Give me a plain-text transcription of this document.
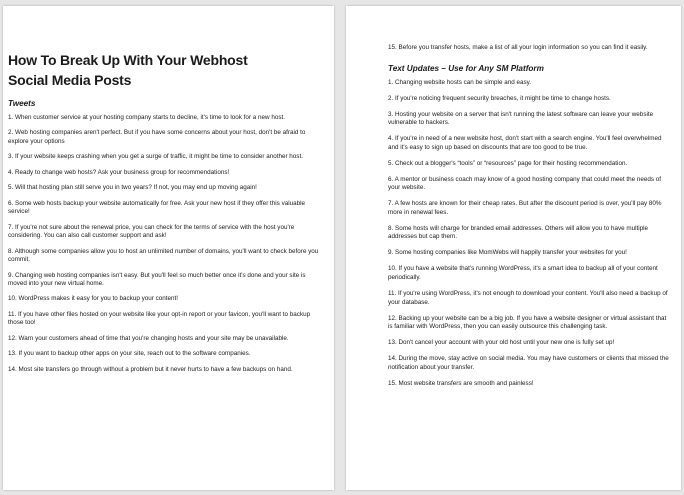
How To Break Up With Your Webhost
Social Media Posts
Tweets

1. When customer service at your hosting company starts to decline, it's time to look for a new host.

2. Web hosting companies aren't perfect. But if you have some concerns about your host, don't be afraid to explore your options

3. If your website keeps crashing when you get a surge of traffic, it might be time to consider another host.

4. Ready to change web hosts? Ask your business group for recommendations!

5. Will that hosting plan still serve you in two years? If not, you may end up moving again!

6. Some web hosts backup your website automatically for free. Ask your new host if they offer this valuable service!

7. If you're not sure about the renewal price, you can check for the terms of service with the host you're considering. You can also call customer support and ask!

8. Although some companies allow you to host an unlimited number of domains, you'll want to check before you commit.

9. Changing web hosting companies isn't easy. But you'll feel so much better once it's done and your site is moved into your new virtual home.

10. WordPress makes it easy for you to backup your content!

11. If you have other files hosted on your website like your opt-in report or your favicon, you'll want to backup those too!

12. Warn your customers ahead of time that you're changing hosts and your site may be unavailable.

13. If you want to backup other apps on your site, reach out to the software companies.

14. Most site transfers go through without a problem but it never hurts to have a few backups on hand.

15. Before you transfer hosts, make a list of all your login information so you can find it easily.

Text Updates – Use for Any SM Platform

1. Changing website hosts can be simple and easy.

2. If you're noticing frequent security breaches, it might be time to change hosts.

3. Hosting your website on a server that isn't running the latest software can leave your website vulnerable to hackers.

4. If you're in need of a new website host, don't start with a search engine. You'll feel overwhelmed and it's easy to sign up based on discounts that are too good to be true.

5. Check out a blogger's “tools” or “resources” page for their hosting recommendation.

6. A mentor or business coach may know of a good hosting company that could meet the needs of your website.

7. A few hosts are known for their cheap rates. But after the discount period is over, you'll pay 80% more in renewal fees.

8. Some hosts will charge for branded email addresses. Others will allow you to have multiple addresses but cap them.

9. Some hosting companies like MomWebs will happily transfer your websites for you!

10. If you have a website that's running WordPress, it's a smart idea to backup all of your content periodically.

11. If you're using WordPress, it's not enough to download your content. You'll also need a backup of your database.

12. Backing up your website can be a big job. If you have a website designer or virtual assistant that is familiar with WordPress, then you can easily outsource this challenging task.

13. Don't cancel your account with your old host until your new one is fully set up!

14. During the move, stay active on social media. You may have customers or clients that missed the notification about your transfer.

15. Most website transfers are smooth and painless!
